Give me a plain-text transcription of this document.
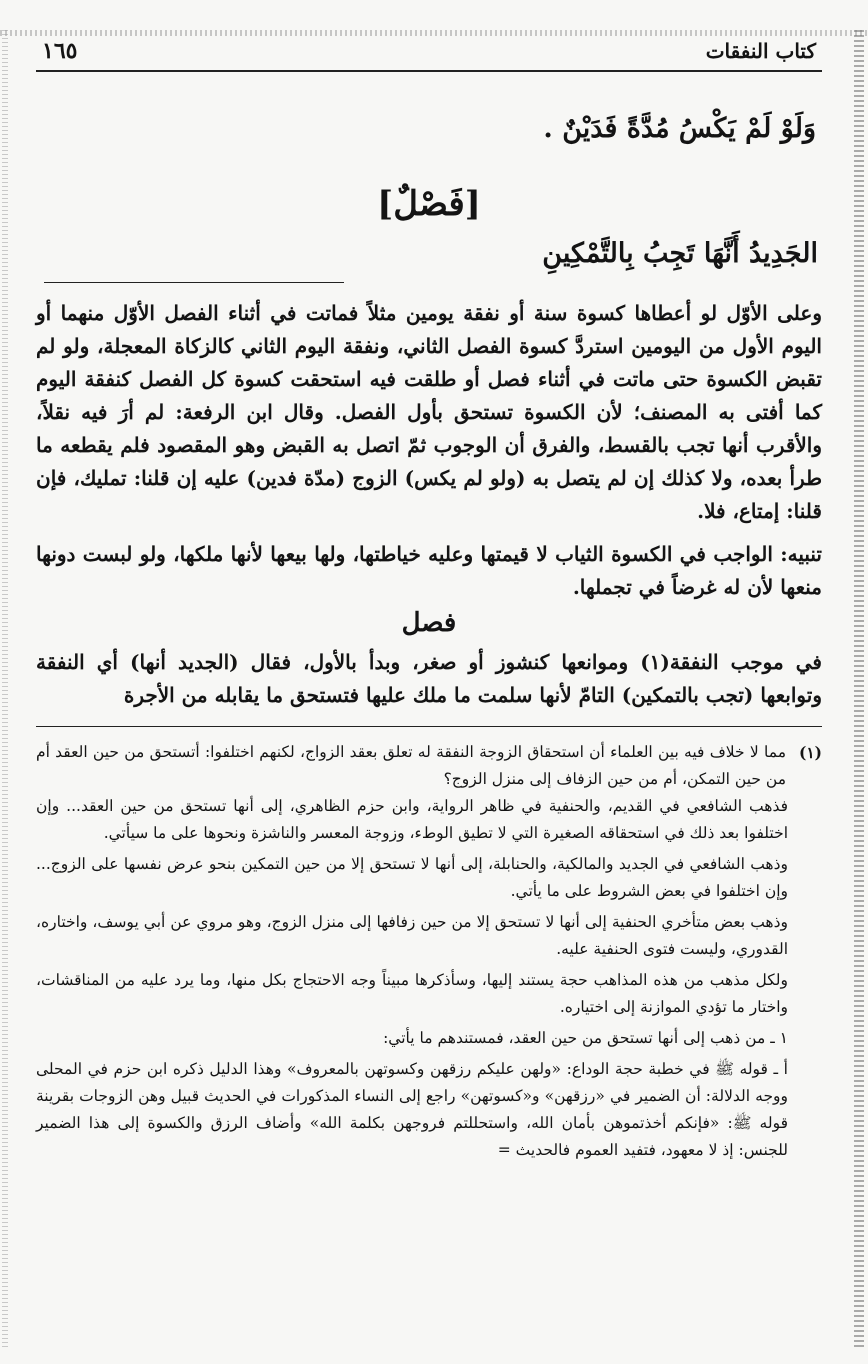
كتاب النفقات
١٦٥
وَلَوْ لَمْ يَكْسُ مُدَّةً فَدَيْنٌ .
[فَصْلٌ]
الجَدِيدُ أَنَّهَا تَجِبُ بِالتَّمْكِينِ
وعلى الأوّل لو أعطاها كسوة سنة أو نفقة يومين مثلاً فماتت في أثناء الفصل الأوّل منهما أو اليوم الأول من اليومين استردَّ كسوة الفصل الثاني، ونفقة اليوم الثاني كالزكاة المعجلة، ولو لم تقبض الكسوة حتى ماتت في أثناء فصل أو طلقت فيه استحقت كسوة كل الفصل كنفقة اليوم كما أفتى به المصنف؛ لأن الكسوة تستحق بأول الفصل. وقال ابن الرفعة: لم أرَ فيه نقلاً، والأقرب أنها تجب بالقسط، والفرق أن الوجوب ثمّ اتصل به القبض وهو المقصود فلم يقطعه ما طرأ بعده، ولا كذلك إن لم يتصل به (ولو لم يكس) الزوج (مدّة فدين) عليه إن قلنا: تمليك، فإن قلنا: إمتاع، فلا.
تنبيه: الواجب في الكسوة الثياب لا قيمتها وعليه خياطتها، ولها بيعها لأنها ملكها، ولو لبست دونها منعها لأن له غرضاً في تجملها.
فصل
في موجب النفقة(١) وموانعها كنشوز أو صغر، وبدأ بالأول، فقال (الجديد أنها) أي النفقة وتوابعها (تجب بالتمكين) التامّ لأنها سلمت ما ملك عليها فتستحق ما يقابله من الأجرة
(١)

مما لا خلاف فيه بين العلماء أن استحقاق الزوجة النفقة له تعلق بعقد الزواج، لكنهم اختلفوا: أتستحق من حين العقد أم من حين التمكن، أم من حين الزفاف إلى منزل الزوج؟

فذهب الشافعي في القديم، والحنفية في ظاهر الرواية، وابن حزم الظاهري، إلى أنها تستحق من حين العقد... وإن اختلفوا بعد ذلك في استحقاقه الصغيرة التي لا تطيق الوطء، وزوجة المعسر والناشزة ونحوها على ما سيأتي.

وذهب الشافعي في الجديد والمالكية، والحنابلة، إلى أنها لا تستحق إلا من حين التمكين بنحو عرض نفسها على الزوج... وإن اختلفوا في بعض الشروط على ما يأتي.

وذهب بعض متأخري الحنفية إلى أنها لا تستحق إلا من حين زفافها إلى منزل الزوج، وهو مروي عن أبي يوسف، واختاره، القدوري، وليست فتوى الحنفية عليه.

ولكل مذهب من هذه المذاهب حجة يستند إليها، وسأذكرها مبيناً وجه الاحتجاج بكل منها، وما يرد عليه من المناقشات، واختار ما تؤدي الموازنة إلى اختياره.

١ ـ من ذهب إلى أنها تستحق من حين العقد، فمستندهم ما يأتي:

أ ـ قوله ﷺ في خطبة حجة الوداع: «ولهن عليكم رزقهن وكسوتهن بالمعروف» وهذا الدليل ذكره ابن حزم في المحلى ووجه الدلالة: أن الضمير في «رزقهن» و«كسوتهن» راجع إلى النساء المذكورات في الحديث قبيل وهن الزوجات بقرينة قوله ﷺ: «فإنكم أخذتموهن بأمان الله، واستحللتم فروجهن بكلمة الله» وأضاف الرزق والكسوة إلى هذا الضمير للجنس: إذ لا معهود، فتفيد العموم فالحديث =
